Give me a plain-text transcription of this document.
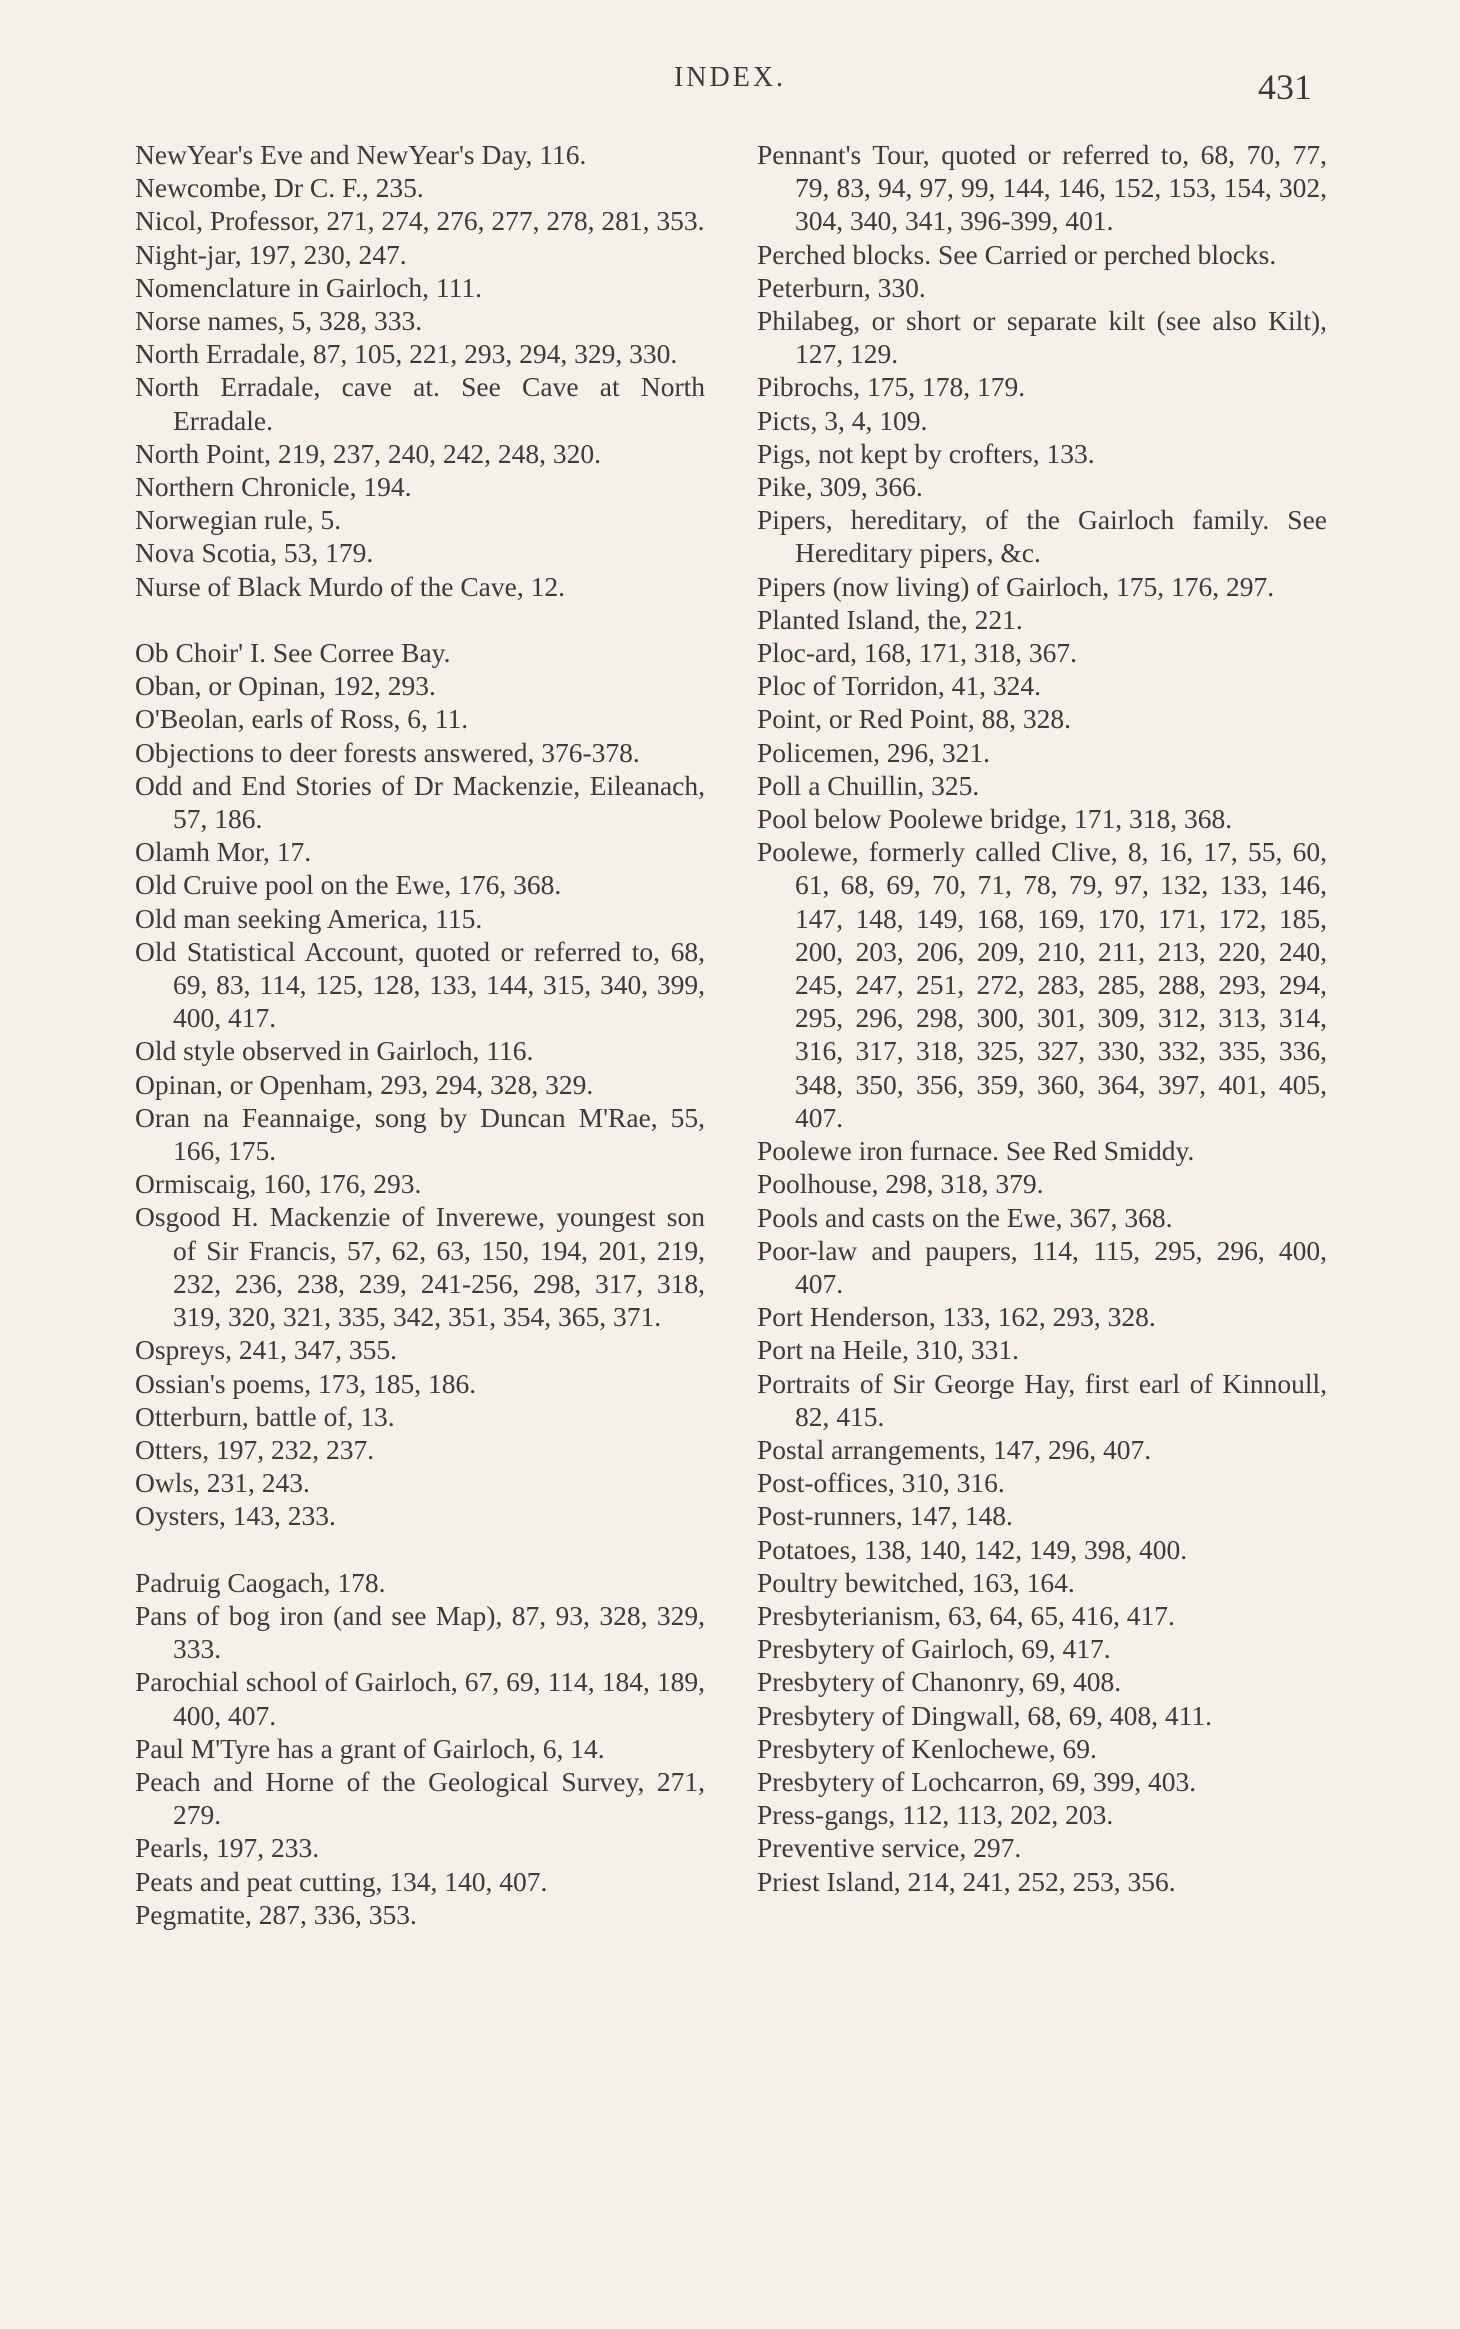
INDEX.	431
NewYear's Eve and NewYear's Day, 116.
Newcombe, Dr C. F., 235.
Nicol, Professor, 271, 274, 276, 277, 278, 281, 353.
Night-jar, 197, 230, 247.
Nomenclature in Gairloch, 111.
Norse names, 5, 328, 333.
North Erradale, 87, 105, 221, 293, 294, 329, 330.
North Erradale, cave at. See Cave at North Erradale.
North Point, 219, 237, 240, 242, 248, 320.
Northern Chronicle, 194.
Norwegian rule, 5.
Nova Scotia, 53, 179.
Nurse of Black Murdo of the Cave, 12.
Ob Choir' I. See Corree Bay.
Oban, or Opinan, 192, 293.
O'Beolan, earls of Ross, 6, 11.
Objections to deer forests answered, 376-378.
Odd and End Stories of Dr Mackenzie, Eileanach, 57, 186.
Olamh Mor, 17.
Old Cruive pool on the Ewe, 176, 368.
Old man seeking America, 115.
Old Statistical Account, quoted or referred to, 68, 69, 83, 114, 125, 128, 133, 144, 315, 340, 399, 400, 417.
Old style observed in Gairloch, 116.
Opinan, or Openham, 293, 294, 328, 329.
Oran na Feannaige, song by Duncan M'Rae, 55, 166, 175.
Ormiscaig, 160, 176, 293.
Osgood H. Mackenzie of Inverewe, youngest son of Sir Francis, 57, 62, 63, 150, 194, 201, 219, 232, 236, 238, 239, 241-256, 298, 317, 318, 319, 320, 321, 335, 342, 351, 354, 365, 371.
Ospreys, 241, 347, 355.
Ossian's poems, 173, 185, 186.
Otterburn, battle of, 13.
Otters, 197, 232, 237.
Owls, 231, 243.
Oysters, 143, 233.
Padruig Caogach, 178.
Pans of bog iron (and see Map), 87, 93, 328, 329, 333.
Parochial school of Gairloch, 67, 69, 114, 184, 189, 400, 407.
Paul M'Tyre has a grant of Gairloch, 6, 14.
Peach and Horne of the Geological Survey, 271, 279.
Pearls, 197, 233.
Peats and peat cutting, 134, 140, 407.
Pegmatite, 287, 336, 353.
Pennant's Tour, quoted or referred to, 68, 70, 77, 79, 83, 94, 97, 99, 144, 146, 152, 153, 154, 302, 304, 340, 341, 396-399, 401.
Perched blocks. See Carried or perched blocks.
Peterburn, 330.
Philabeg, or short or separate kilt (see also Kilt), 127, 129.
Pibrochs, 175, 178, 179.
Picts, 3, 4, 109.
Pigs, not kept by crofters, 133.
Pike, 309, 366.
Pipers, hereditary, of the Gairloch family. See Hereditary pipers, &c.
Pipers (now living) of Gairloch, 175, 176, 297.
Planted Island, the, 221.
Ploc-ard, 168, 171, 318, 367.
Ploc of Torridon, 41, 324.
Point, or Red Point, 88, 328.
Policemen, 296, 321.
Poll a Chuillin, 325.
Pool below Poolewe bridge, 171, 318, 368.
Poolewe, formerly called Clive, 8, 16, 17, 55, 60, 61, 68, 69, 70, 71, 78, 79, 97, 132, 133, 146, 147, 148, 149, 168, 169, 170, 171, 172, 185, 200, 203, 206, 209, 210, 211, 213, 220, 240, 245, 247, 251, 272, 283, 285, 288, 293, 294, 295, 296, 298, 300, 301, 309, 312, 313, 314, 316, 317, 318, 325, 327, 330, 332, 335, 336, 348, 350, 356, 359, 360, 364, 397, 401, 405, 407.
Poolewe iron furnace. See Red Smiddy.
Poolhouse, 298, 318, 379.
Pools and casts on the Ewe, 367, 368.
Poor-law and paupers, 114, 115, 295, 296, 400, 407.
Port Henderson, 133, 162, 293, 328.
Port na Heile, 310, 331.
Portraits of Sir George Hay, first earl of Kinnoull, 82, 415.
Postal arrangements, 147, 296, 407.
Post-offices, 310, 316.
Post-runners, 147, 148.
Potatoes, 138, 140, 142, 149, 398, 400.
Poultry bewitched, 163, 164.
Presbyterianism, 63, 64, 65, 416, 417.
Presbytery of Gairloch, 69, 417.
Presbytery of Chanonry, 69, 408.
Presbytery of Dingwall, 68, 69, 408, 411.
Presbytery of Kenlochewe, 69.
Presbytery of Lochcarron, 69, 399, 403.
Press-gangs, 112, 113, 202, 203.
Preventive service, 297.
Priest Island, 214, 241, 252, 253, 356.
